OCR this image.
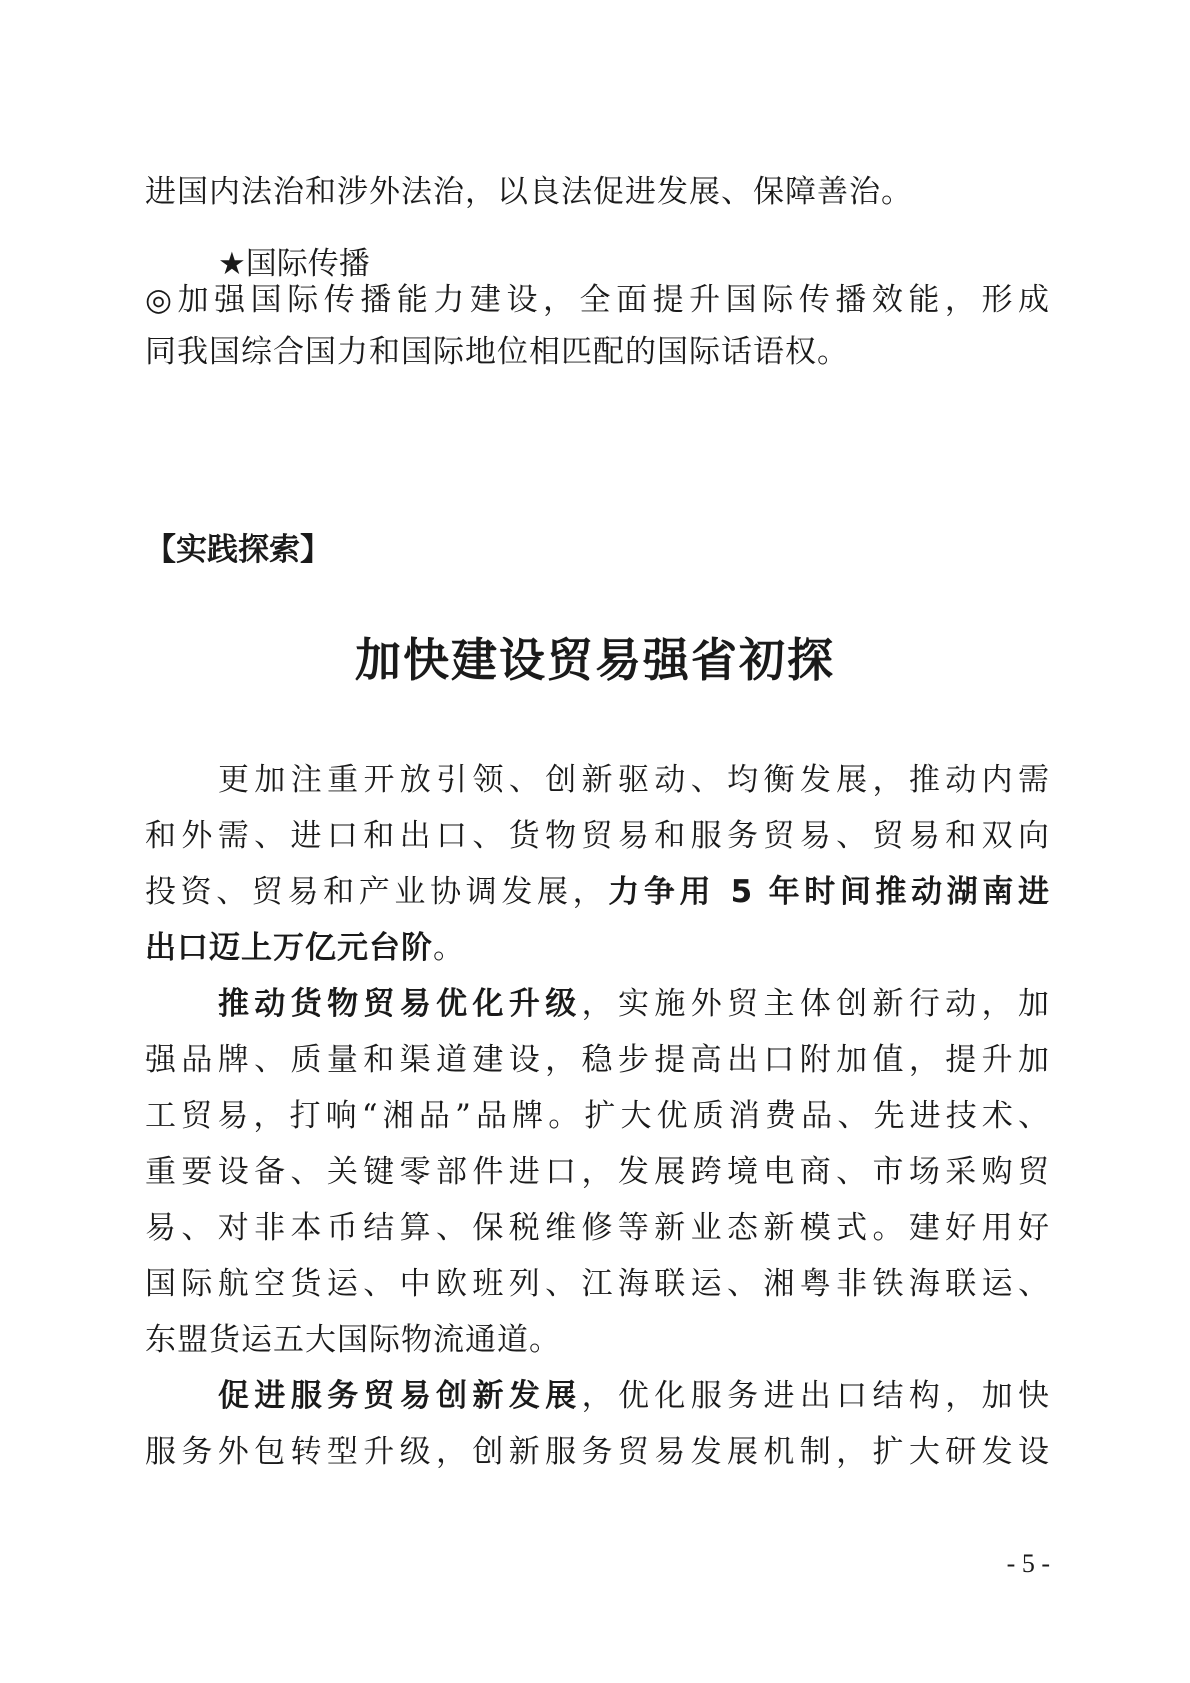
进国内法治和涉外法治，以良法促进发展、保障善治。
★国际传播
◎加强国际传播能力建设，全面提升国际传播效能，形成
同我国综合国力和国际地位相匹配的国际话语权。
【实践探索】
加快建设贸易强省初探
更加注重开放引领、创新驱动、均衡发展，推动内需
和外需、进口和出口、货物贸易和服务贸易、贸易和双向
投资、贸易和产业协调发展，力争用 5 年时间推动湖南进
出口迈上万亿元台阶。
推动货物贸易优化升级，实施外贸主体创新行动，加
强品牌、质量和渠道建设，稳步提高出口附加值，提升加
工贸易，打响“湘品”品牌。扩大优质消费品、先进技术、
重要设备、关键零部件进口，发展跨境电商、市场采购贸
易、对非本币结算、保税维修等新业态新模式。建好用好
国际航空货运、中欧班列、江海联运、湘粤非铁海联运、
东盟货运五大国际物流通道。
促进服务贸易创新发展，优化服务进出口结构，加快
服务外包转型升级，创新服务贸易发展机制，扩大研发设
- 5 -
